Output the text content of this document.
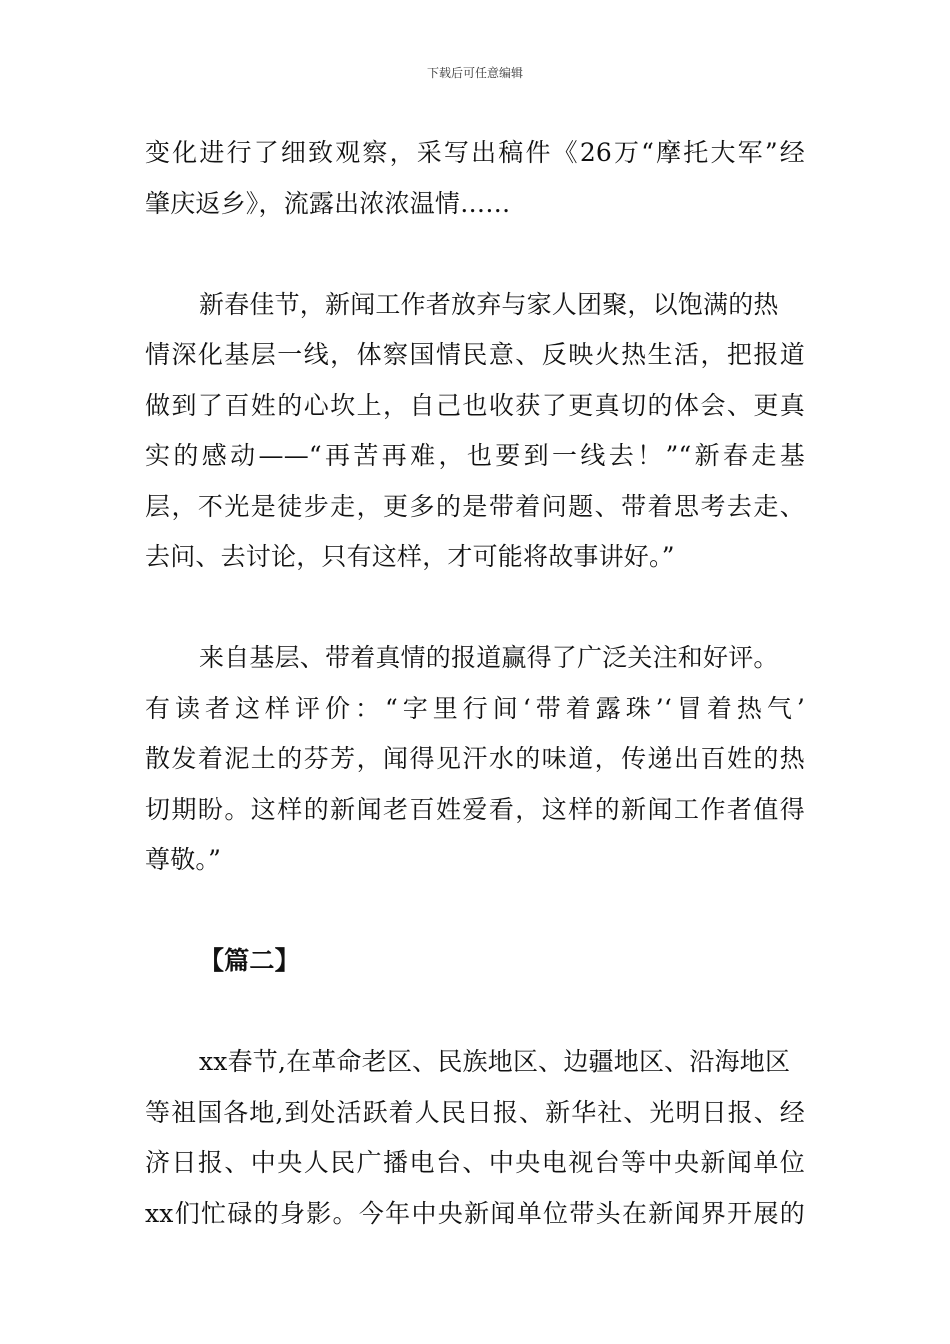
下载后可任意编辑
变化进行了细致观察，采写出稿件《26万“摩托大军”经
肇庆返乡》，流露出浓浓温情……
新春佳节，新闻工作者放弃与家人团聚，以饱满的热
情深化基层一线，体察国情民意、反映火热生活，把报道
做到了百姓的心坎上，自己也收获了更真切的体会、更真
实的感动——“再苦再难，也要到一线去！”“新春走基
层，不光是徒步走，更多的是带着问题、带着思考去走、
去问、去讨论，只有这样，才可能将故事讲好。”
来自基层、带着真情的报道赢得了广泛关注和好评。
有读者这样评价：“字里行间‘带着露珠’‘冒着热气’
散发着泥土的芬芳，闻得见汗水的味道，传递出百姓的热
切期盼。这样的新闻老百姓爱看，这样的新闻工作者值得
尊敬。”
【篇二】
xx春节,在革命老区、民族地区、边疆地区、沿海地区
等祖国各地,到处活跃着人民日报、新华社、光明日报、经
济日报、中央人民广播电台、中央电视台等中央新闻单位
xx们忙碌的身影。今年中央新闻单位带头在新闻界开展的
